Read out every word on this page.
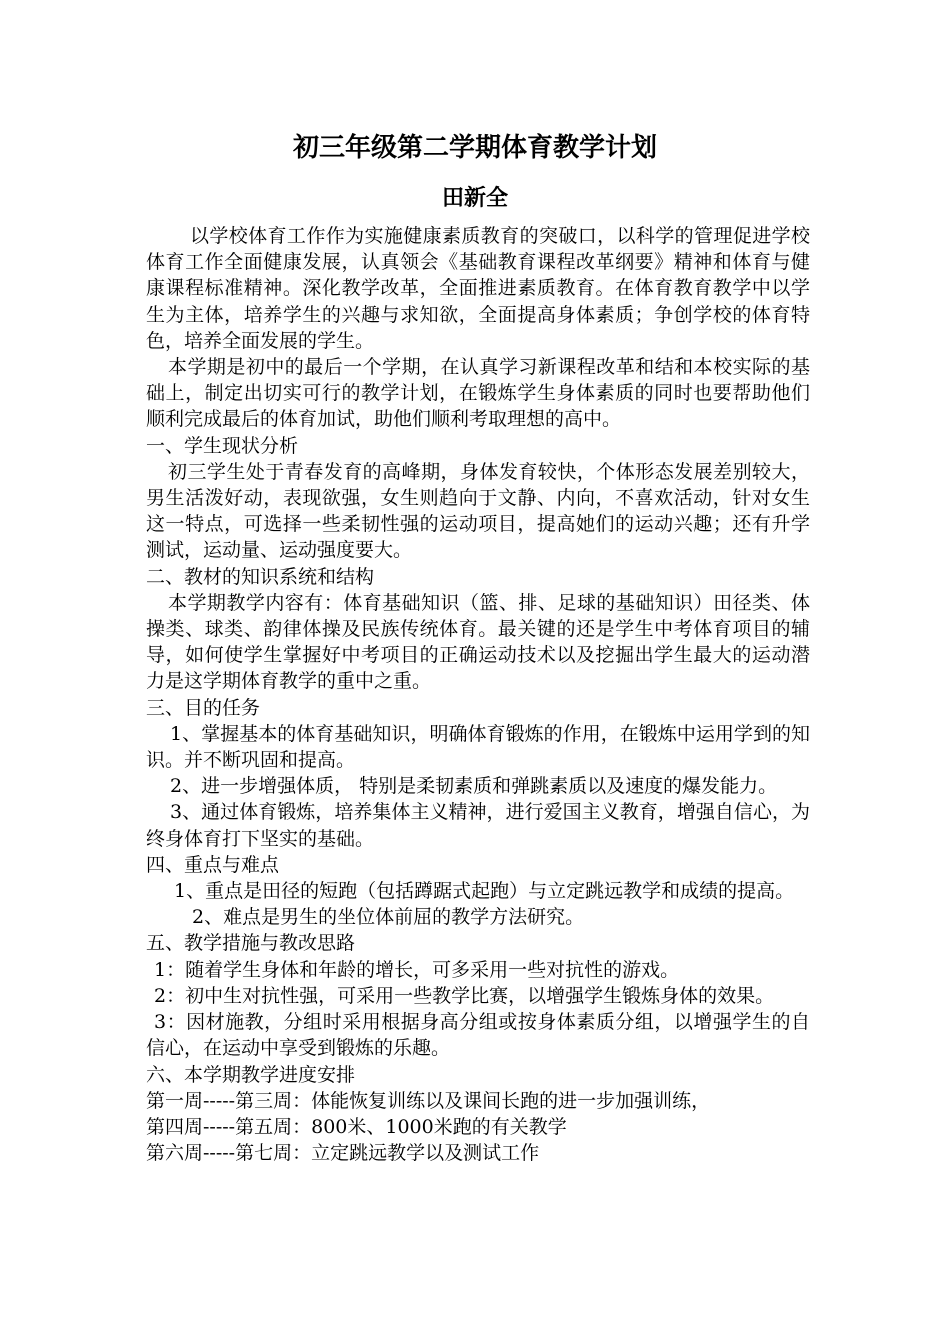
初三年级第二学期体育教学计划
田新全

以学校体育工作作为实施健康素质教育的突破口，以科学的管理促进学校体育工作全面健康发展，认真领会《基础教育课程改革纲要》精神和体育与健康课程标准精神。深化教学改革，全面推进素质教育。在体育教育教学中以学生为主体，培养学生的兴趣与求知欲，全面提高身体素质；争创学校的体育特色，培养全面发展的学生。

本学期是初中的最后一个学期，在认真学习新课程改革和结和本校实际的基础上，制定出切实可行的教学计划，在锻炼学生身体素质的同时也要帮助他们顺利完成最后的体育加试，助他们顺利考取理想的高中。

一、学生现状分析

初三学生处于青春发育的高峰期，身体发育较快，个体形态发展差别较大，男生活泼好动，表现欲强，女生则趋向于文静、内向，不喜欢活动，针对女生这一特点，可选择一些柔韧性强的运动项目，提高她们的运动兴趣；还有升学测试，运动量、运动强度要大。

二、教材的知识系统和结构

本学期教学内容有：体育基础知识（篮、排、足球的基础知识）田径类、体操类、球类、韵律体操及民族传统体育。最关键的还是学生中考体育项目的辅导，如何使学生掌握好中考项目的正确运动技术以及挖掘出学生最大的运动潜力是这学期体育教学的重中之重。

三、目的任务

1、掌握基本的体育基础知识，明确体育锻炼的作用，在锻炼中运用学到的知识。并不断巩固和提高。

2、进一步增强体质， 特别是柔韧素质和弹跳素质以及速度的爆发能力。

3、通过体育锻炼，培养集体主义精神，进行爱国主义教育，增强自信心，为终身体育打下坚实的基础。

四、重点与难点

1、重点是田径的短跑（包括蹲踞式起跑）与立定跳远教学和成绩的提高。

2、难点是男生的坐位体前屈的教学方法研究。

五、教学措施与教改思路

1：随着学生身体和年龄的增长，可多采用一些对抗性的游戏。

2：初中生对抗性强，可采用一些教学比赛，以增强学生锻炼身体的效果。

3：因材施教，分组时采用根据身高分组或按身体素质分组，以增强学生的自信心，在运动中享受到锻炼的乐趣。

六、本学期教学进度安排

第一周-----第三周：体能恢复训练以及课间长跑的进一步加强训练，

第四周-----第五周：800米、1000米跑的有关教学

第六周-----第七周：立定跳远教学以及测试工作
